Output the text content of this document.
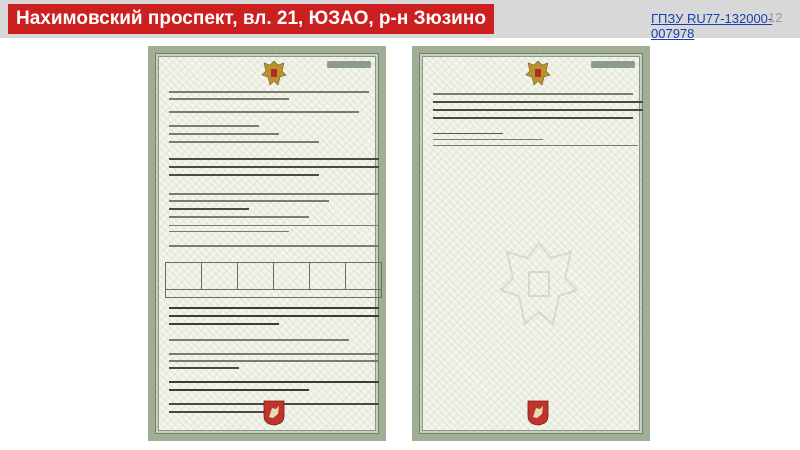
Нахимовский проспект, вл. 21, ЮЗАО, р-н Зюзино	ГПЗУ RU77-132000-007978
12
